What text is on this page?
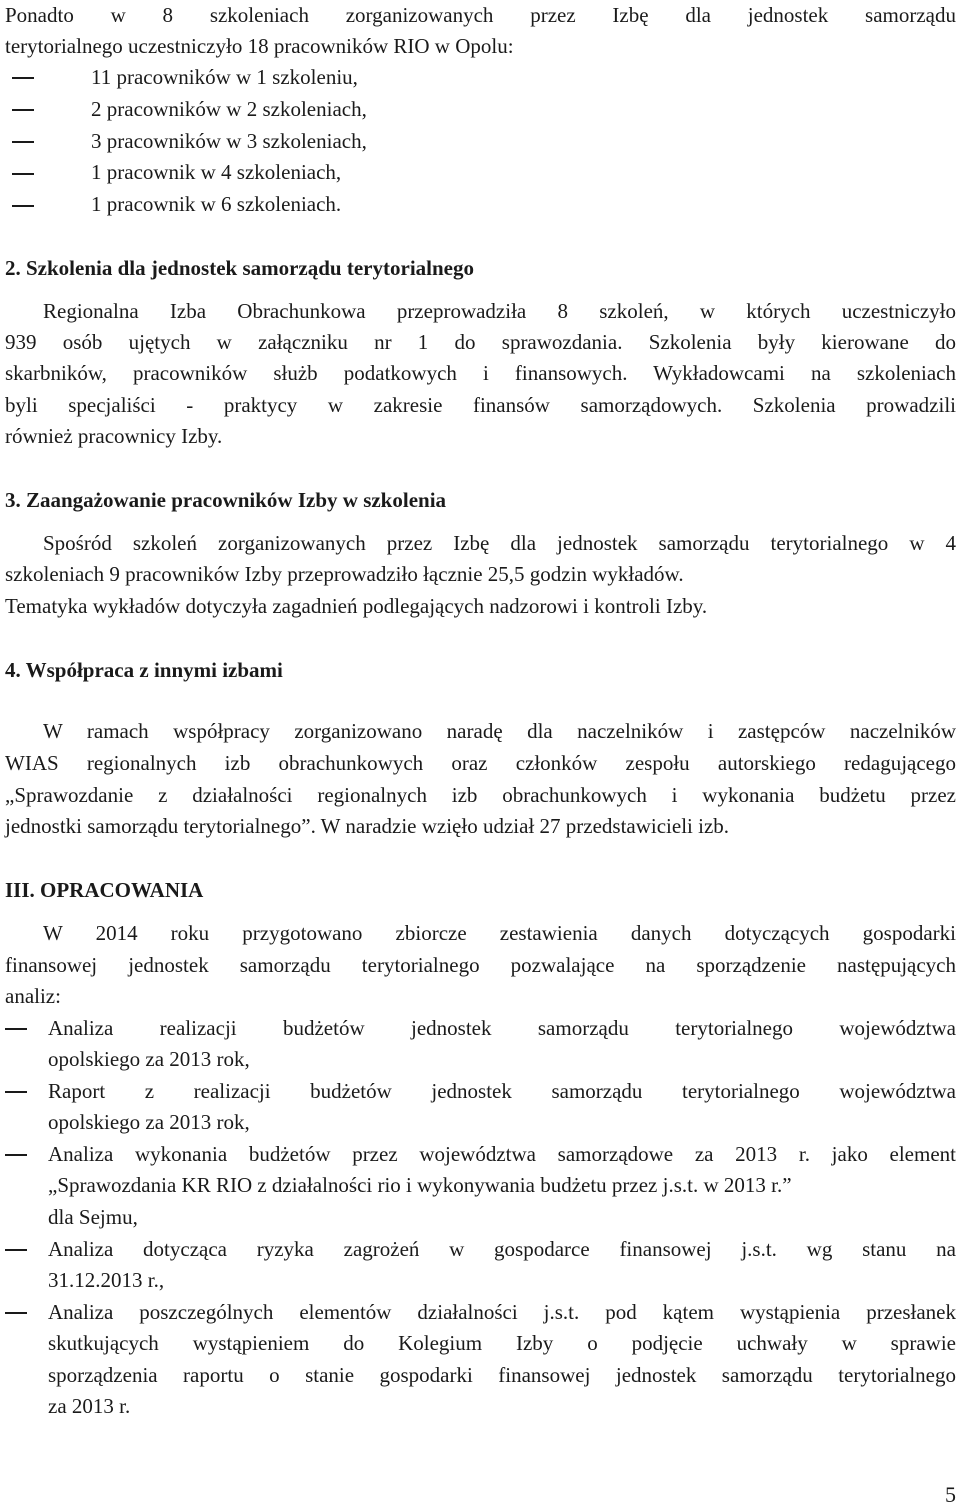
Ponadto w 8 szkoleniach zorganizowanych przez Izbę dla jednostek samorządu
terytorialnego uczestniczyło 18 pracowników RIO w Opolu:
11 pracowników w 1 szkoleniu,
2 pracowników w 2 szkoleniach,
3 pracowników w 3 szkoleniach,
1 pracownik w 4 szkoleniach,
1 pracownik w 6 szkoleniach.
2. Szkolenia dla jednostek samorządu terytorialnego
Regionalna Izba Obrachunkowa przeprowadziła 8 szkoleń, w których uczestniczyło
939 osób ujętych w załączniku nr 1 do sprawozdania. Szkolenia były kierowane do
skarbników, pracowników służb podatkowych i finansowych. Wykładowcami na szkoleniach
byli specjaliści - praktycy w zakresie finansów samorządowych. Szkolenia prowadzili
również pracownicy Izby.
3. Zaangażowanie pracowników Izby w szkolenia
Spośród szkoleń zorganizowanych przez Izbę dla jednostek samorządu terytorialnego w 4
szkoleniach 9 pracowników Izby przeprowadziło łącznie 25,5 godzin wykładów.
Tematyka wykładów dotyczyła zagadnień podlegających nadzorowi i kontroli Izby.
4. Współpraca z innymi izbami
W ramach współpracy zorganizowano naradę dla naczelników i zastępców naczelników
WIAS regionalnych izb obrachunkowych oraz członków zespołu autorskiego redagującego
„Sprawozdanie z działalności regionalnych izb obrachunkowych i wykonania budżetu przez
jednostki samorządu terytorialnego”. W naradzie wzięło udział 27 przedstawicieli izb.
III. OPRACOWANIA
W 2014 roku przygotowano zbiorcze zestawienia danych dotyczących gospodarki
finansowej jednostek samorządu terytorialnego pozwalające na sporządzenie następujących
analiz:
Analiza realizacji budżetów jednostek samorządu terytorialnego województwa
opolskiego za 2013 rok,
Raport z realizacji budżetów jednostek samorządu terytorialnego województwa
opolskiego za 2013 rok,
Analiza wykonania budżetów przez województwa samorządowe za 2013 r. jako element
„Sprawozdania KR RIO z działalności rio i wykonywania budżetu przez j.s.t. w 2013 r.”
dla Sejmu,
Analiza dotycząca ryzyka zagrożeń w gospodarce finansowej j.s.t. wg stanu na
31.12.2013 r.,
Analiza poszczególnych elementów działalności j.s.t. pod kątem wystąpienia przesłanek
skutkujących wystąpieniem do Kolegium Izby o podjęcie uchwały w sprawie
sporządzenia raportu o stanie gospodarki finansowej jednostek samorządu terytorialnego
za 2013 r.
5
